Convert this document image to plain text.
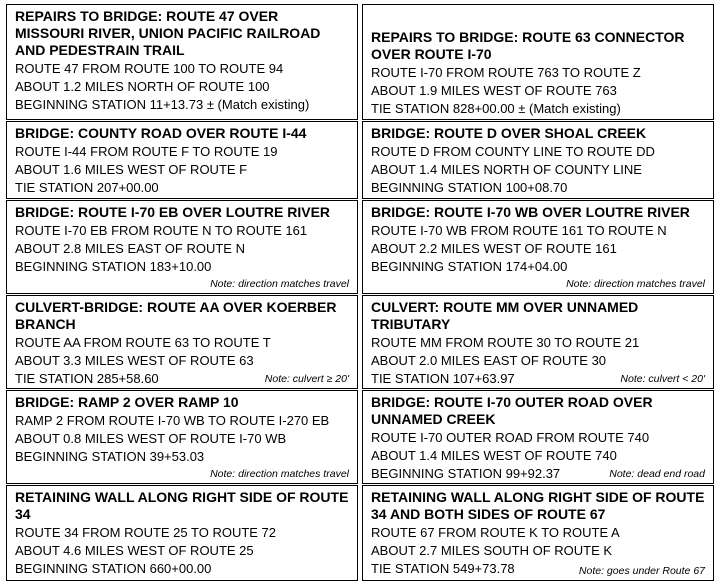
REPAIRS TO BRIDGE: ROUTE 47 OVER MISSOURI RIVER, UNION PACIFIC RAILROAD AND PEDESTRAIN TRAIL
ROUTE 47 FROM ROUTE 100 TO ROUTE 94
ABOUT 1.2 MILES NORTH OF ROUTE 100
BEGINNING STATION 11+13.73 ± (Match existing)
REPAIRS TO BRIDGE: ROUTE 63 CONNECTOR OVER ROUTE I-70
ROUTE I-70 FROM ROUTE 763 TO ROUTE Z
ABOUT 1.9 MILES WEST OF ROUTE 763
TIE STATION 828+00.00 ± (Match existing)
BRIDGE: COUNTY ROAD OVER ROUTE I-44
ROUTE I-44 FROM ROUTE F TO ROUTE 19
ABOUT 1.6 MILES WEST OF ROUTE F
TIE STATION 207+00.00
BRIDGE: ROUTE D OVER SHOAL CREEK
ROUTE D FROM COUNTY LINE TO ROUTE DD
ABOUT 1.4 MILES NORTH OF COUNTY LINE
BEGINNING STATION 100+08.70
BRIDGE: ROUTE I-70 EB OVER LOUTRE RIVER
ROUTE I-70 EB FROM ROUTE N TO ROUTE 161
ABOUT 2.8 MILES EAST OF ROUTE N
BEGINNING STATION 183+10.00
Note: direction matches travel
BRIDGE: ROUTE I-70 WB OVER LOUTRE RIVER
ROUTE I-70 WB FROM ROUTE 161 TO ROUTE N
ABOUT 2.2 MILES WEST OF ROUTE 161
BEGINNING STATION 174+04.00
Note: direction matches travel
CULVERT-BRIDGE: ROUTE AA OVER KOERBER BRANCH
ROUTE AA FROM ROUTE 63 TO ROUTE T
ABOUT 3.3 MILES WEST OF ROUTE 63
TIE STATION 285+58.60	Note: culvert ≥ 20'
CULVERT: ROUTE MM OVER UNNAMED TRIBUTARY
ROUTE MM FROM ROUTE 30 TO ROUTE 21
ABOUT 2.0 MILES EAST OF ROUTE 30
TIE STATION 107+63.97	Note: culvert < 20'
BRIDGE: RAMP 2 OVER RAMP 10
RAMP 2 FROM ROUTE I-70 WB TO ROUTE I-270 EB
ABOUT 0.8 MILES WEST OF ROUTE I-70 WB
BEGINNING STATION 39+53.03
Note: direction matches travel
BRIDGE: ROUTE I-70 OUTER ROAD OVER UNNAMED CREEK
ROUTE I-70 OUTER ROAD FROM ROUTE 740
ABOUT 1.4 MILES WEST OF ROUTE 740
BEGINNING STATION 99+92.37	Note: dead end road
RETAINING WALL ALONG RIGHT SIDE OF ROUTE 34
ROUTE 34 FROM ROUTE 25 TO ROUTE 72
ABOUT 4.6 MILES WEST OF ROUTE 25
BEGINNING STATION 660+00.00
RETAINING WALL ALONG RIGHT SIDE OF ROUTE 34 AND BOTH SIDES OF ROUTE 67
ROUTE 67 FROM ROUTE K TO ROUTE A
ABOUT 2.7 MILES SOUTH OF ROUTE K
TIE STATION 549+73.78	Note: goes under Route 67
